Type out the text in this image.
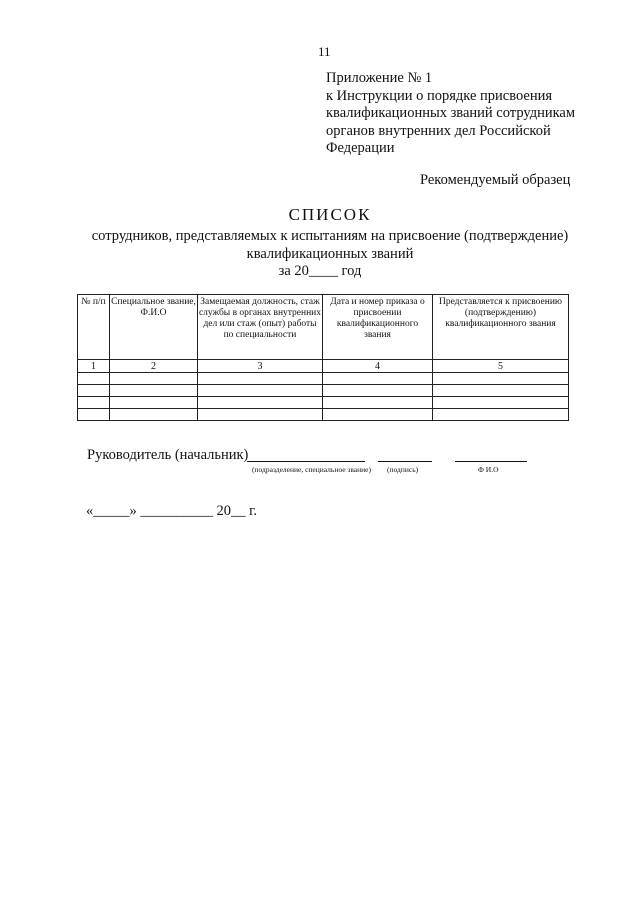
11
Приложение № 1
к Инструкции о порядке присвоения
квалификационных званий сотрудникам
органов внутренних дел Российской
Федерации
Рекомендуемый образец
СПИСОК
сотрудников, представляемых к испытаниям на присвоение (подтверждение)
квалификационных званий
за 20____ год
№ п/п	Специальное звание, Ф.И.О	Замещаемая должность, стаж службы в органах внутренних дел или стаж (опыт) работы по специальности	Дата и номер приказа о присвоении квалификационного звания	Представляется к присвоению (подтверждению) квалификационного звания
1	2	3	4	5

Руководитель (начальник)
(подразделение, специальное звание) (подпись)	Ф И.О
«_____» __________ 20__ г.
